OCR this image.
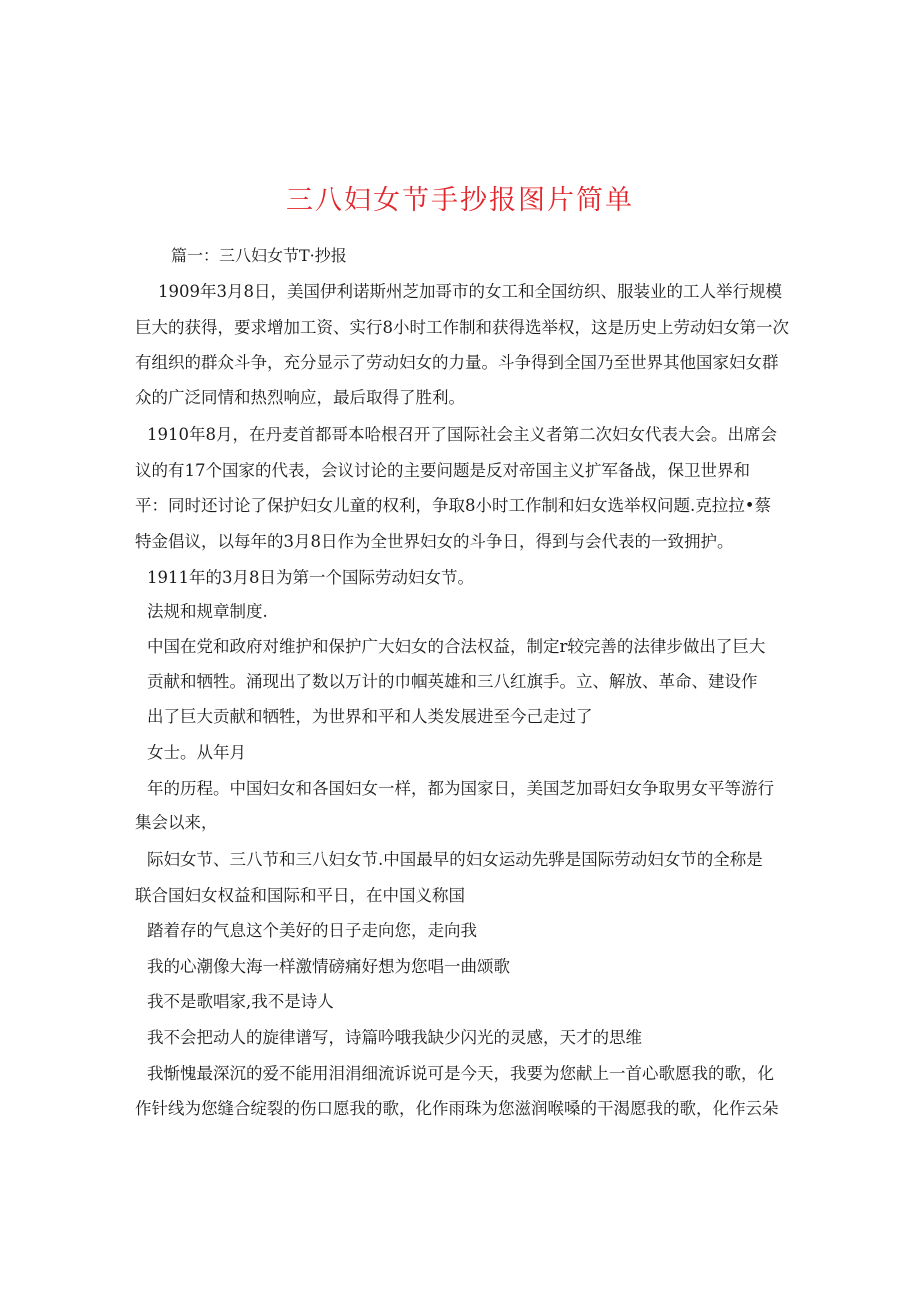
三八妇女节手抄报图片简单
篇一：三八妇女节T·抄报
1909年3月8日，美国伊利诺斯州芝加哥市的女工和全国纺织、服装业的工人举行规模
巨大的获得，要求增加工资、实行8小时工作制和获得选举权，这是历史上劳动妇女第一次
有组织的群众斗争，充分显示了劳动妇女的力量。斗争得到全国乃至世界其他国家妇女群
众的广泛同情和热烈响应，最后取得了胜利。
1910年8月，在丹麦首都哥本哈根召开了国际社会主义者第二次妇女代表大会。出席会
议的有17个国家的代表，会议讨论的主要问题是反对帝国主义扩军备战，保卫世界和
平：同时还讨论了保护妇女儿童的权利，争取8小时工作制和妇女选举权问题.克拉拉•蔡
特金倡议，以每年的3月8日作为全世界妇女的斗争日，得到与会代表的一致拥护。
1911年的3月8日为第一个国际劳动妇女节。
法规和规章制度.
中国在党和政府对维护和保护广大妇女的合法权益，制定r较完善的法律步做出了巨大
贡献和牺牲。涌现出了数以万计的巾帼英雄和三八红旗手。立、解放、革命、建设作
出了巨大贡献和牺牲，为世界和平和人类发展进至今己走过了
女士。从年月
年的历程。中国妇女和各国妇女一样，都为国家日，美国芝加哥妇女争取男女平等游行
集会以来，
际妇女节、三八节和三八妇女节.中国最早的妇女运动先骅是国际劳动妇女节的全称是
联合国妇女权益和国际和平日，在中国义称国
踏着存的气息这个美好的日子走向您，走向我
我的心潮像大海一样激情磅痛好想为您唱一曲颂歌
我不是歌唱家,我不是诗人
我不会把动人的旋律谱写，诗篇吟哦我缺少闪光的灵感，天才的思维
我惭愧最深沉的爱不能用泪涓细流诉说可是今天，我要为您献上一首心歌愿我的歌，化
作针线为您缝合绽裂的伤口愿我的歌，化作雨珠为您滋润喉嗓的干渴愿我的歌，化作云朵
